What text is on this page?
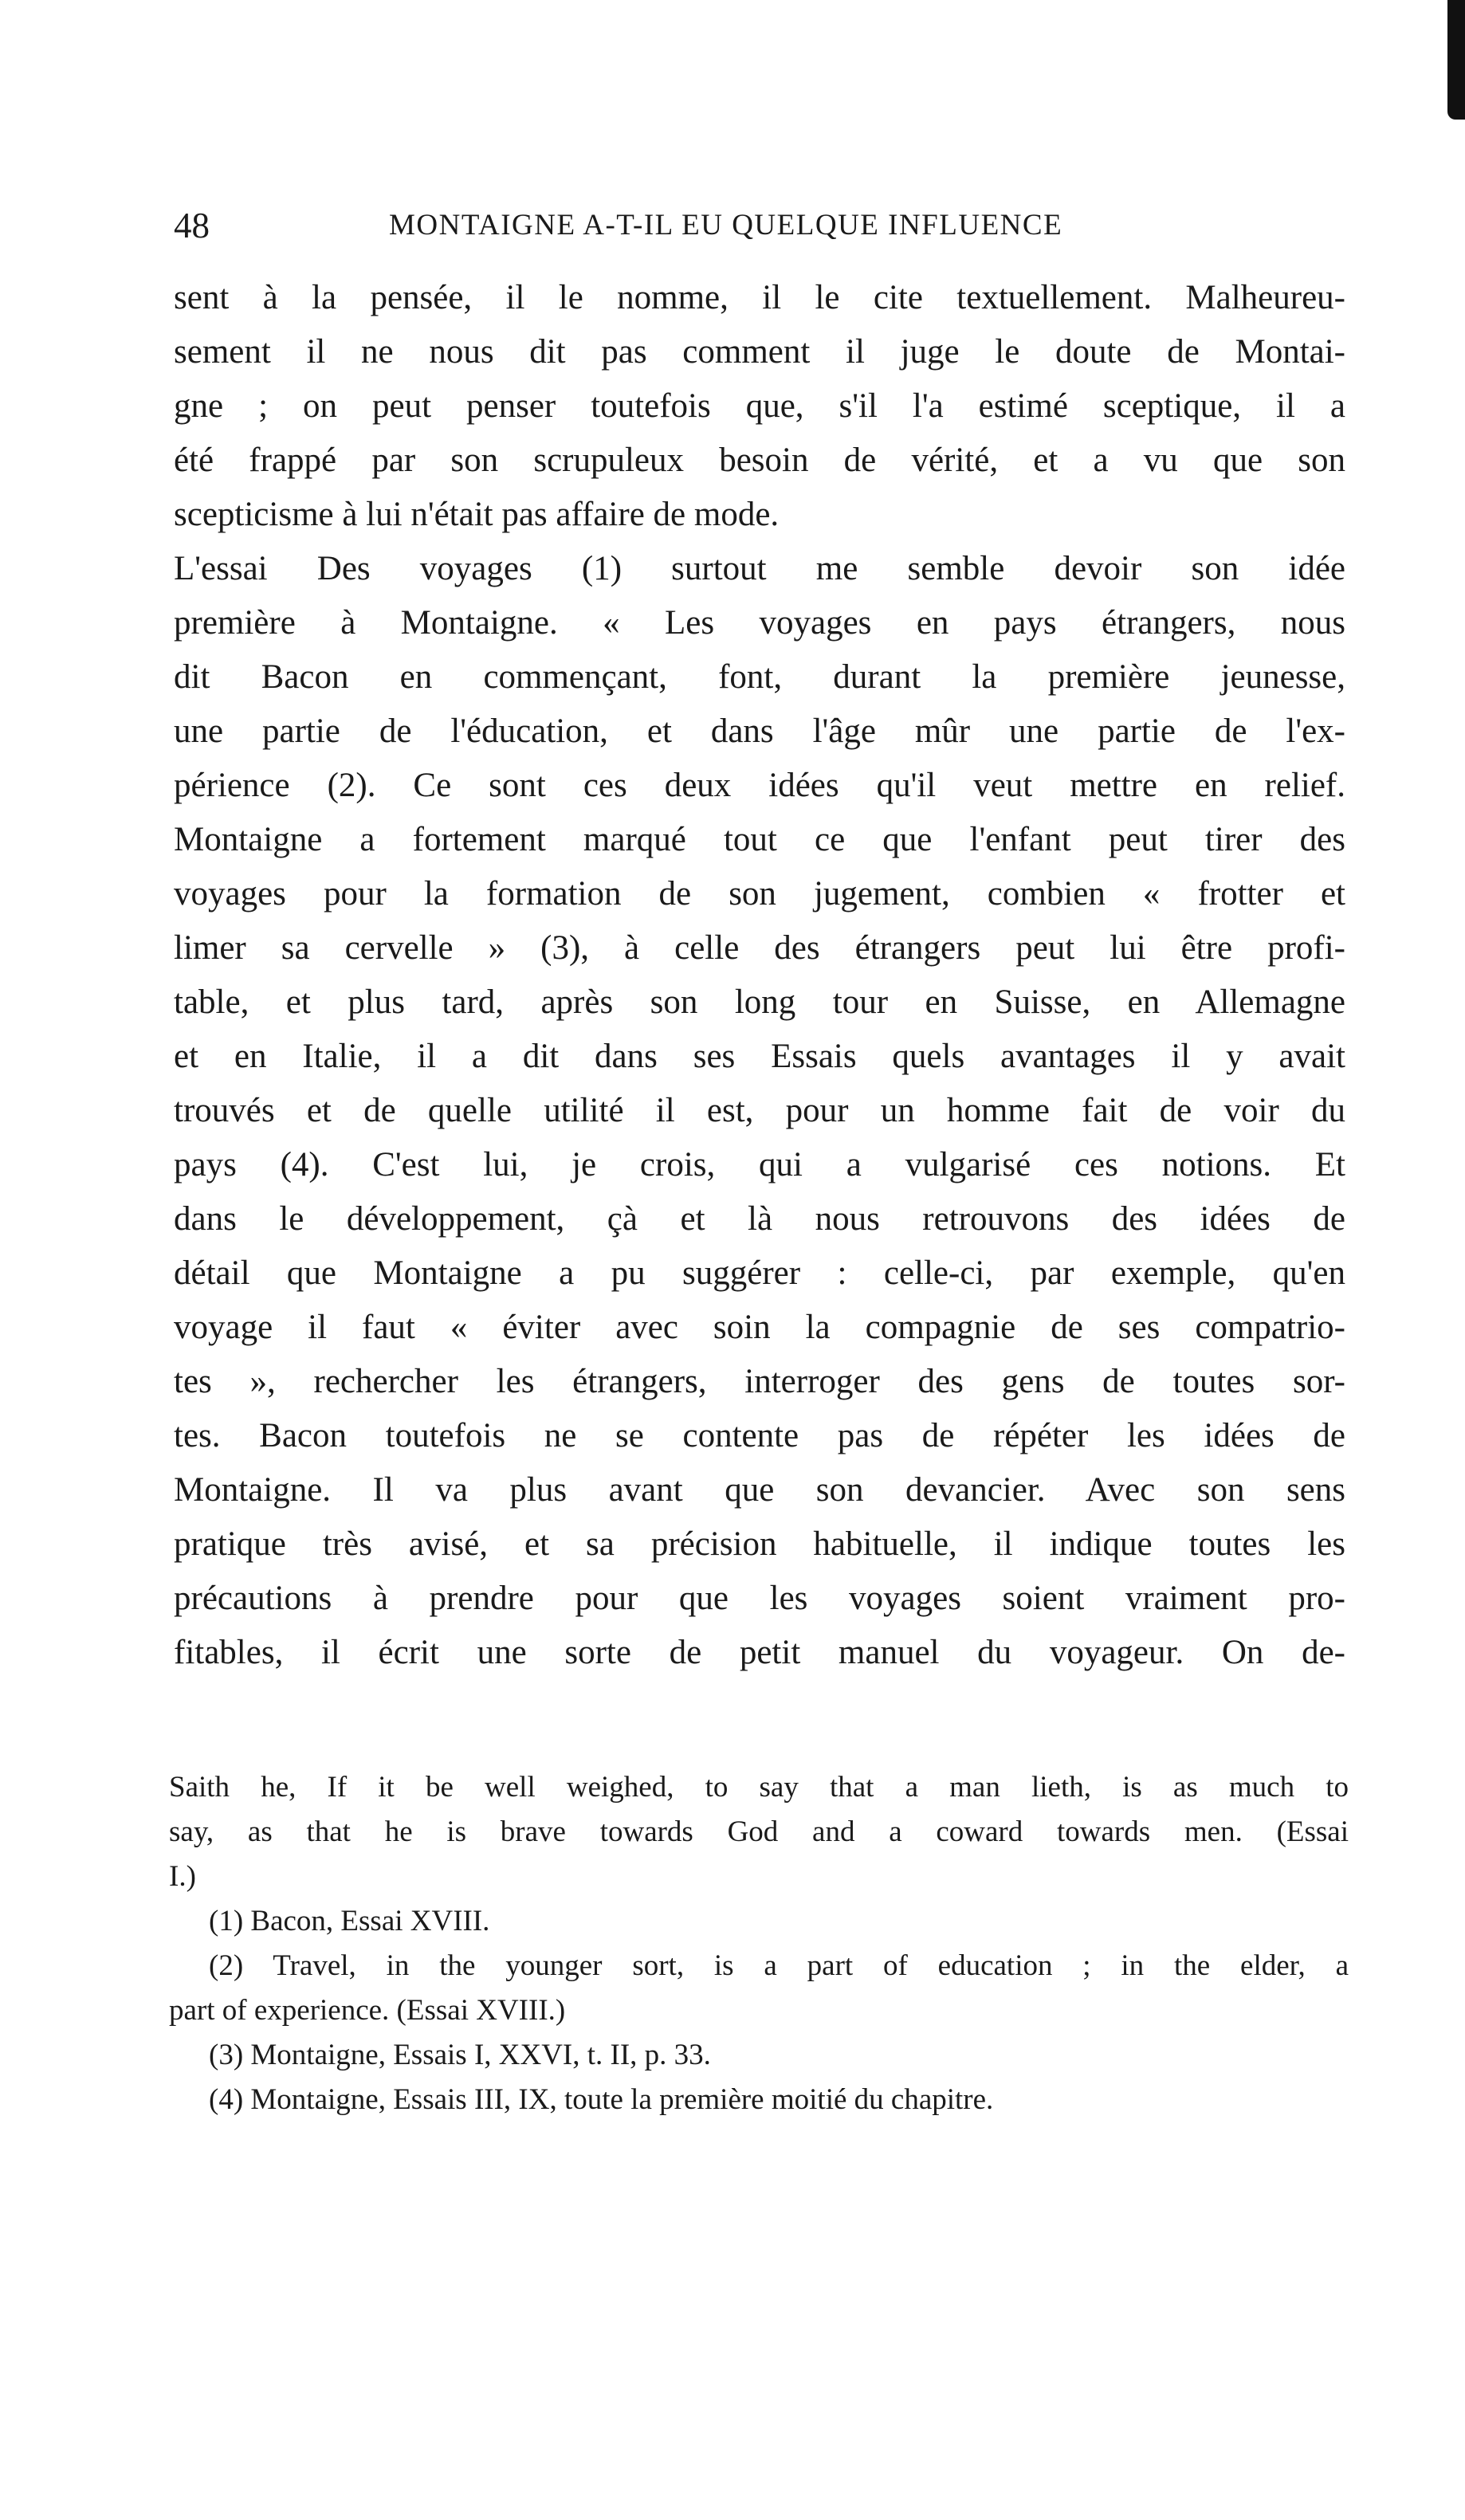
48	MONTAIGNE A-T-IL EU QUELQUE INFLUENCE
sent à la pensée, il le nomme, il le cite textuellement. Malheureu-
sement il ne nous dit pas comment il juge le doute de Montai-
gne ; on peut penser toutefois que, s'il l'a estimé sceptique, il a
été frappé par son scrupuleux besoin de vérité, et a vu que son
scepticisme à lui n'était pas affaire de mode.
L'essai Des voyages (1) surtout me semble devoir son idée
première à Montaigne. « Les voyages en pays étrangers, nous
dit Bacon en commençant, font, durant la première jeunesse,
une partie de l'éducation, et dans l'âge mûr une partie de l'ex-
périence (2). Ce sont ces deux idées qu'il veut mettre en relief.
Montaigne a fortement marqué tout ce que l'enfant peut tirer des
voyages pour la formation de son jugement, combien « frotter et
limer sa cervelle » (3), à celle des étrangers peut lui être profi-
table, et plus tard, après son long tour en Suisse, en Allemagne
et en Italie, il a dit dans ses Essais quels avantages il y avait
trouvés et de quelle utilité il est, pour un homme fait de voir du
pays (4). C'est lui, je crois, qui a vulgarisé ces notions. Et
dans le développement, çà et là nous retrouvons des idées de
détail que Montaigne a pu suggérer : celle-ci, par exemple, qu'en
voyage il faut « éviter avec soin la compagnie de ses compatrio-
tes », rechercher les étrangers, interroger des gens de toutes sor-
tes. Bacon toutefois ne se contente pas de répéter les idées de
Montaigne. Il va plus avant que son devancier. Avec son sens
pratique très avisé, et sa précision habituelle, il indique toutes les
précautions à prendre pour que les voyages soient vraiment pro-
fitables, il écrit une sorte de petit manuel du voyageur. On de-
Saith he, If it be well weighed, to say that a man lieth, is as much to
say, as that he is brave towards God and a coward towards men. (Essai
I.)
(1) Bacon, Essai XVIII.
(2) Travel, in the younger sort, is a part of education ; in the elder, a
part of experience. (Essai XVIII.)
(3) Montaigne, Essais I, XXVI, t. II, p. 33.
(4) Montaigne, Essais III, IX, toute la première moitié du chapitre.
